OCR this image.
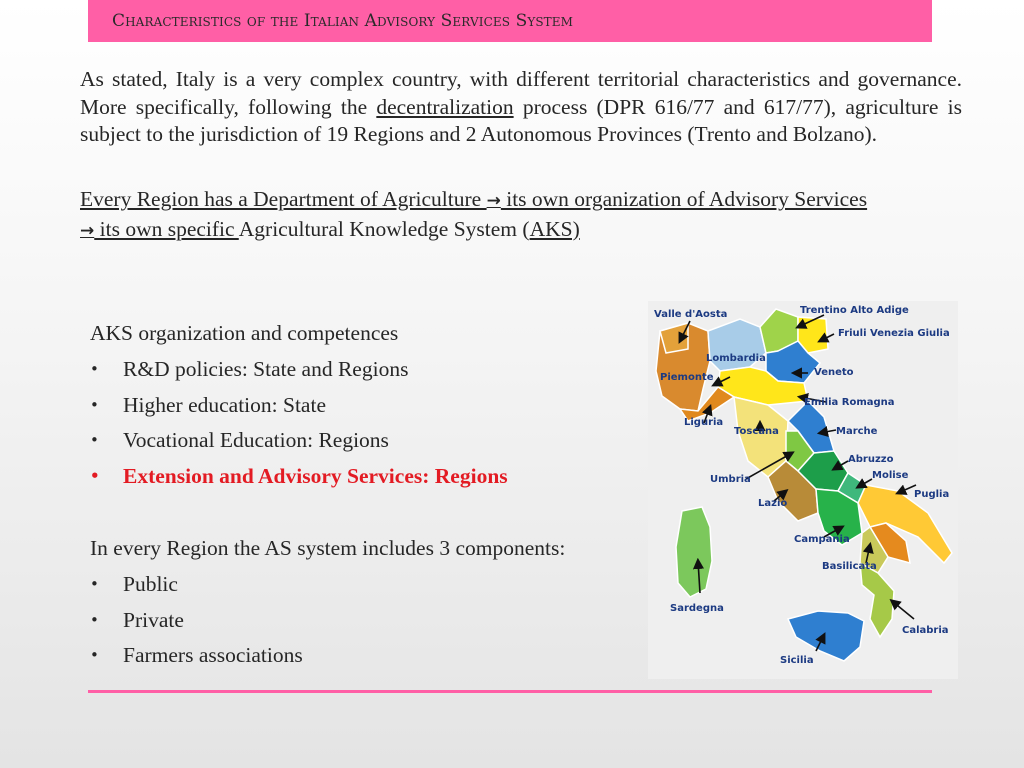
Characteristics of the Italian Advisory Services System

As stated, Italy is a very complex country, with different territorial characteristics and governance. More specifically, following the decentralization process (DPR 616/77 and 617/77), agriculture is subject to the jurisdiction of 19 Regions and 2 Autonomous Provinces (Trento and Bolzano).

Every Region has a Department of Agriculture → its own organization of Advisory Services
→ its own specific Agricultural Knowledge System (AKS)

AKS organization and competences
• R&D policies: State and Regions
• Higher education: State
• Vocational Education: Regions
• Extension and Advisory Services: Regions
In every Region the AS system includes 3 components:
• Public
• Private
• Farmers associations
Valle d'Aosta	Trentino Alto Adige
Friuli Venezia Giulia
Lombardia
Piemonte	Veneto
Emilia Romagna
Liguria
Toscana	Marche
Abruzzo
Molise
Umbria
Puglia
Lazio
Campania
Basilicata
Sardegna
Calabria
Sicilia
